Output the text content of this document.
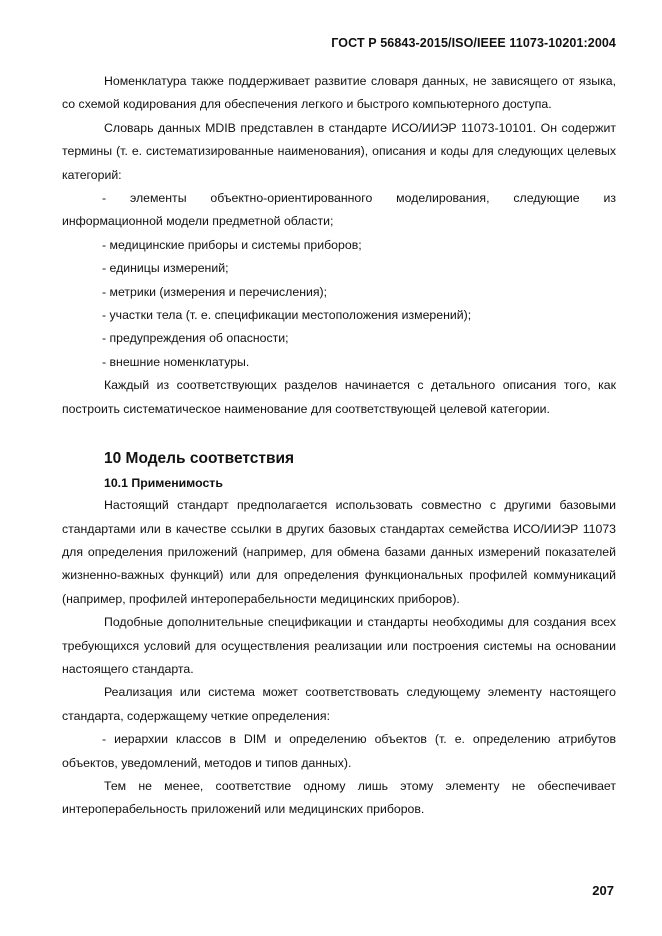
ГОСТ Р 56843-2015/ISO/IEEE 11073-10201:2004

Номенклатура также поддерживает развитие словаря данных, не зависящего от языка, со схемой кодирования для обеспечения легкого и быстрого компьютерного доступа.

Словарь данных MDIB представлен в стандарте ИСО/ИИЭР 11073-10101. Он содержит термины (т. е. систематизированные наименования), описания и коды для следующих целевых категорий:

- элементы объектно-ориентированного моделирования, следующие из информационной модели предметной области;

- медицинские приборы и системы приборов;

- единицы измерений;

- метрики (измерения и перечисления);

- участки тела (т. е. спецификации местоположения измерений);

- предупреждения об опасности;

- внешние номенклатуры.

Каждый из соответствующих разделов начинается с детального описания того, как построить систематическое наименование для соответствующей целевой категории.

10 Модель соответствия
10.1 Применимость

Настоящий стандарт предполагается использовать совместно с другими базовыми стандартами или в качестве ссылки в других базовых стандартах семейства ИСО/ИИЭР 11073 для определения приложений (например, для обмена базами данных измерений показателей жизненно-важных функций) или для определения функциональных профилей коммуникаций (например, профилей интероперабельности медицинских приборов).

Подобные дополнительные спецификации и стандарты необходимы для создания всех требующихся условий для осуществления реализации или построения системы на основании настоящего стандарта.

Реализация или система может соответствовать следующему элементу настоящего стандарта, содержащему четкие определения:

- иерархии классов в DIM и определению объектов (т. е. определению атрибутов объектов, уведомлений, методов и типов данных).

Тем не менее, соответствие одному лишь этому элементу не обеспечивает интероперабельность приложений или медицинских приборов.

207
